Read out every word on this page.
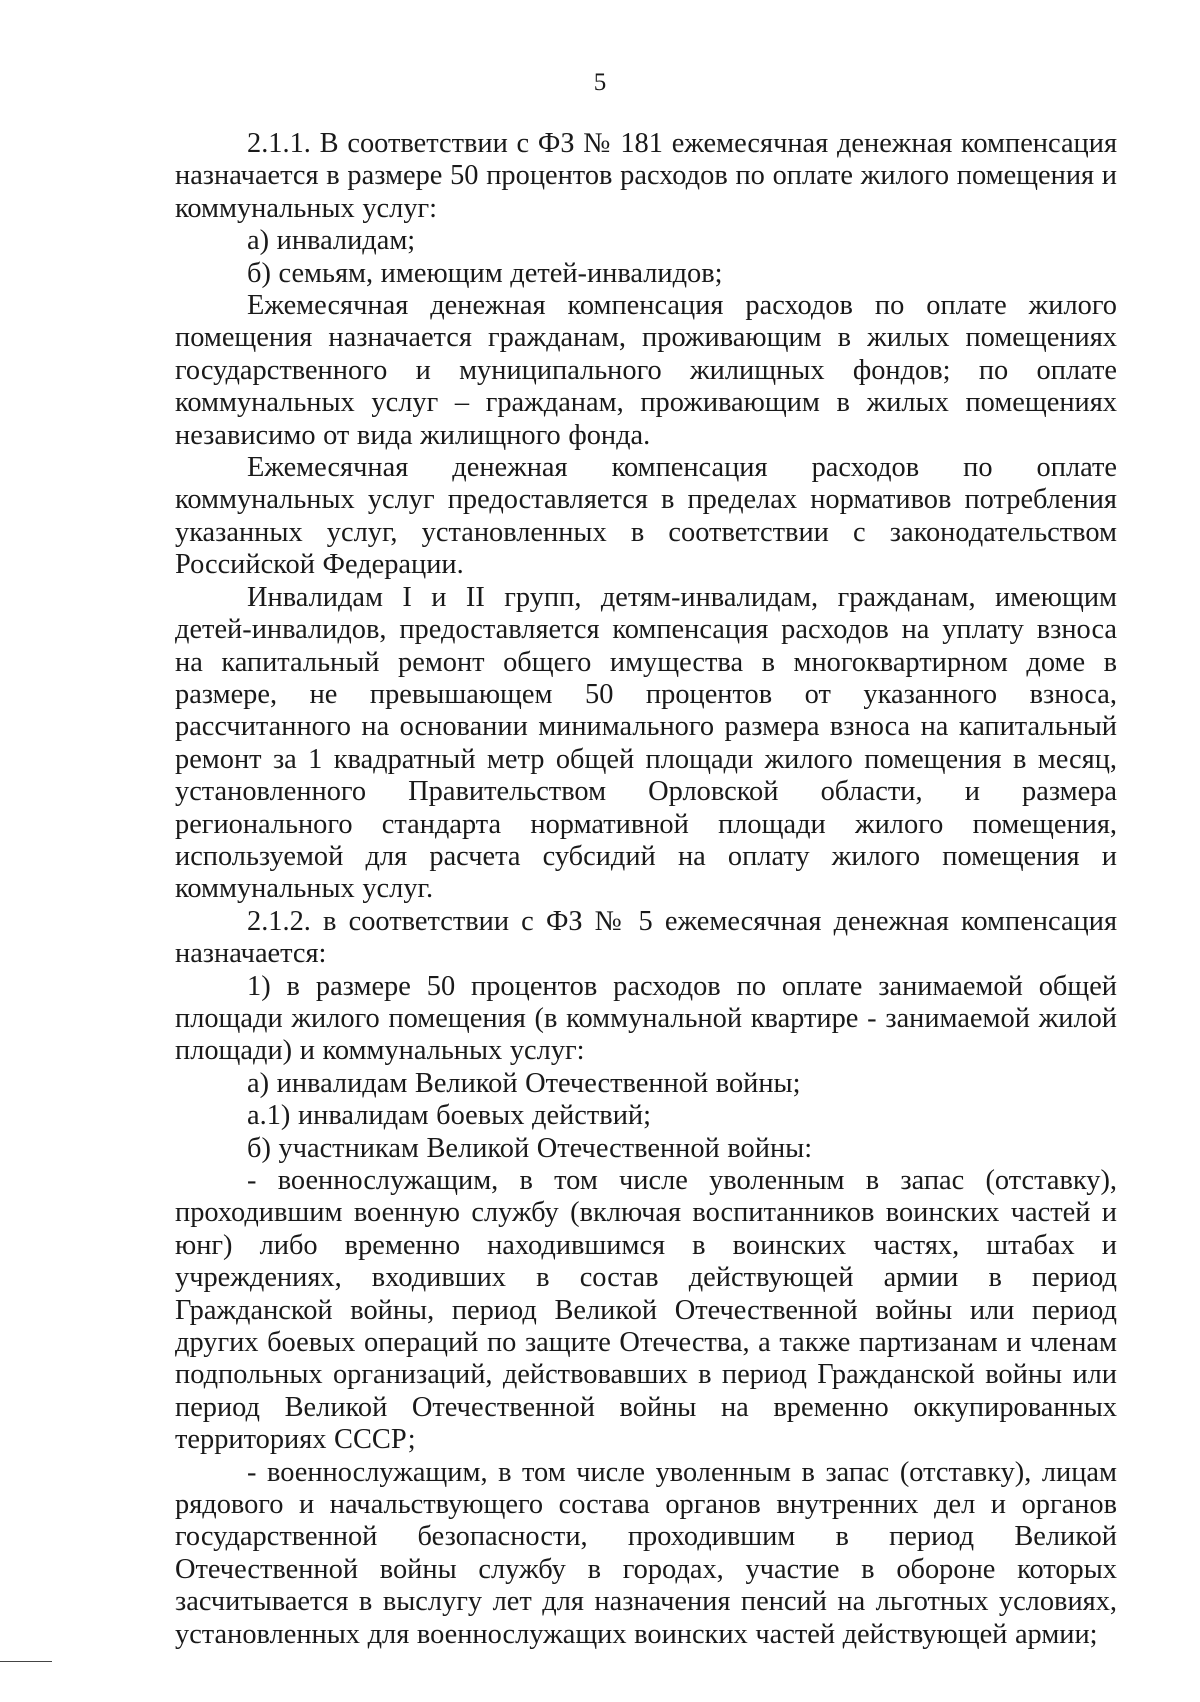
5

2.1.1. В соответствии с ФЗ № 181 ежемесячная денежная компенсация назначается в размере 50 процентов расходов по оплате жилого помещения и коммунальных услуг:

а) инвалидам;

б) семьям, имеющим детей-инвалидов;

Ежемесячная денежная компенсация расходов по оплате жилого помещения назначается гражданам, проживающим в жилых помещениях государственного и муниципального жилищных фондов; по оплате коммунальных услуг – гражданам, проживающим в жилых помещениях независимо от вида жилищного фонда.

Ежемесячная денежная компенсация расходов по оплате коммунальных услуг предоставляется в пределах нормативов потребления указанных услуг, установленных в соответствии с законодательством Российской Федерации.

Инвалидам I и II групп, детям-инвалидам, гражданам, имеющим детей-инвалидов, предоставляется компенсация расходов на уплату взноса на капитальный ремонт общего имущества в многоквартирном доме в размере, не превышающем 50 процентов от указанного взноса, рассчитанного на основании минимального размера взноса на капитальный ремонт за 1 квадратный метр общей площади жилого помещения в месяц, установленного Правительством Орловской области, и размера регионального стандарта нормативной площади жилого помещения, используемой для расчета субсидий на оплату жилого помещения и коммунальных услуг.

2.1.2. в соответствии с ФЗ № 5 ежемесячная денежная компенсация назначается:

1) в размере 50 процентов расходов по оплате занимаемой общей площади жилого помещения (в коммунальной квартире - занимаемой жилой площади) и коммунальных услуг:

а) инвалидам Великой Отечественной войны;

а.1) инвалидам боевых действий;

б) участникам Великой Отечественной войны:

- военнослужащим, в том числе уволенным в запас (отставку), проходившим военную службу (включая воспитанников воинских частей и юнг) либо временно находившимся в воинских частях, штабах и учреждениях, входивших в состав действующей армии в период Гражданской войны, период Великой Отечественной войны или период других боевых операций по защите Отечества, а также партизанам и членам подпольных организаций, действовавших в период Гражданской войны или период Великой Отечественной войны на временно оккупированных территориях СССР;

- военнослужащим, в том числе уволенным в запас (отставку), лицам рядового и начальствующего состава органов внутренних дел и органов государственной безопасности, проходившим в период Великой Отечественной войны службу в городах, участие в обороне которых засчитывается в выслугу лет для назначения пенсий на льготных условиях, установленных для военнослужащих воинских частей действующей армии;
